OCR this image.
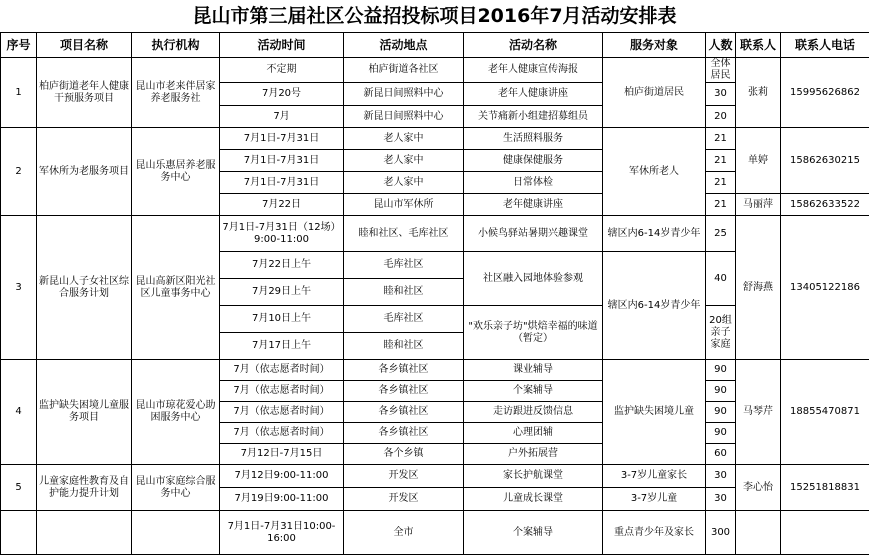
昆山市第三届社区公益招投标项目2016年7月活动安排表
序号	项目名称	执行机构	活动时间	活动地点	活动名称	服务对象	人数	联系人	联系人电话
1	柏庐街道老年人健康干预服务项目	昆山市老来伴居家养老服务社	不定期	柏庐街道各社区	老年人健康宣传海报	柏庐街道居民	全体居民	张莉	15995626862
			7月20号	新昆日间照料中心	老年人健康讲座		30		
			7月	新昆日间照料中心	关节痛新小组建招募组员		20		
2	军休所为老服务项目	昆山乐惠居养老服务中心	7月1日-7月31日	老人家中	生活照料服务	军休所老人	21	单婷	15862630215
			7月1日-7月31日	老人家中	健康保健服务		21		
			7月1日-7月31日	老人家中	日常体检		21		
			7月22日	昆山市军休所	老年健康讲座		21	马丽萍	15862633522
3	新昆山人子女社区综合服务计划	昆山高新区阳光社区儿童事务中心	7月1日-7月31日（12场） 9:00-11:00	睦和社区、毛库社区	小候鸟驿站暑期兴趣课堂	辖区内6-14岁青少年	25	舒海燕	13405122186
			7月22日上午	毛库社区	社区融入园地体验参观	辖区内6-14岁青少年	40		
			7月29日上午	睦和社区					
			7月10日上午	毛库社区	"欢乐亲子坊"烘焙幸福的味道（暂定）		20组亲子家庭		
			7月17日上午	睦和社区					
4	监护缺失困境儿童服务项目	昆山市琼花爱心助困服务中心	7月（依志愿者时间）	各乡镇社区	课业辅导	监护缺失困境儿童	90	马琴芹	18855470871
			7月（依志愿者时间）	各乡镇社区	个案辅导		90		
			7月（依志愿者时间）	各乡镇社区	走访跟进反馈信息		90		
			7月（依志愿者时间）	各乡镇社区	心理团辅		90		
			7月12日-7月15日	各个乡镇	户外拓展营		60		
5	儿童家庭性教育及自护能力提升计划	昆山市家庭综合服务中心	7月12日9:00-11:00	开发区	家长护航课堂	3-7岁儿童家长	30	李心怡	15251818831
			7月19日9:00-11:00	开发区	儿童成长课堂	3-7岁儿童	30		
			7月1日-7月31日10:00-16:00	全市	个案辅导	重点青少年及家长	300		
